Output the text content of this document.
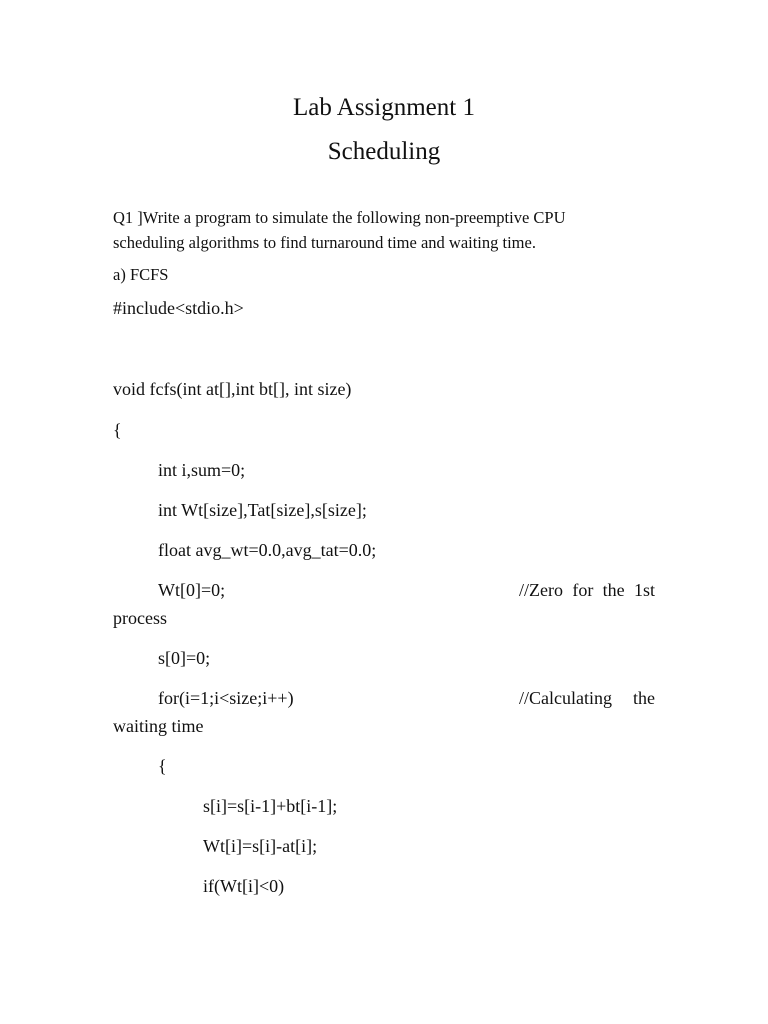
Lab Assignment 1
Scheduling
Q1 ]Write a program to simulate the following non-preemptive CPU
scheduling algorithms to find turnaround time and waiting time.
a) FCFS
#include<stdio.h>
void fcfs(int at[],int bt[], int size)
{
int i,sum=0;
int Wt[size],Tat[size],s[size];
float avg_wt=0.0,avg_tat=0.0;
Wt[0]=0;	//Zero for the 1st
process
s[0]=0;
for(i=1;i<size;i++)	//Calculating the
waiting time
{
s[i]=s[i-1]+bt[i-1];
Wt[i]=s[i]-at[i];
if(Wt[i]<0)
